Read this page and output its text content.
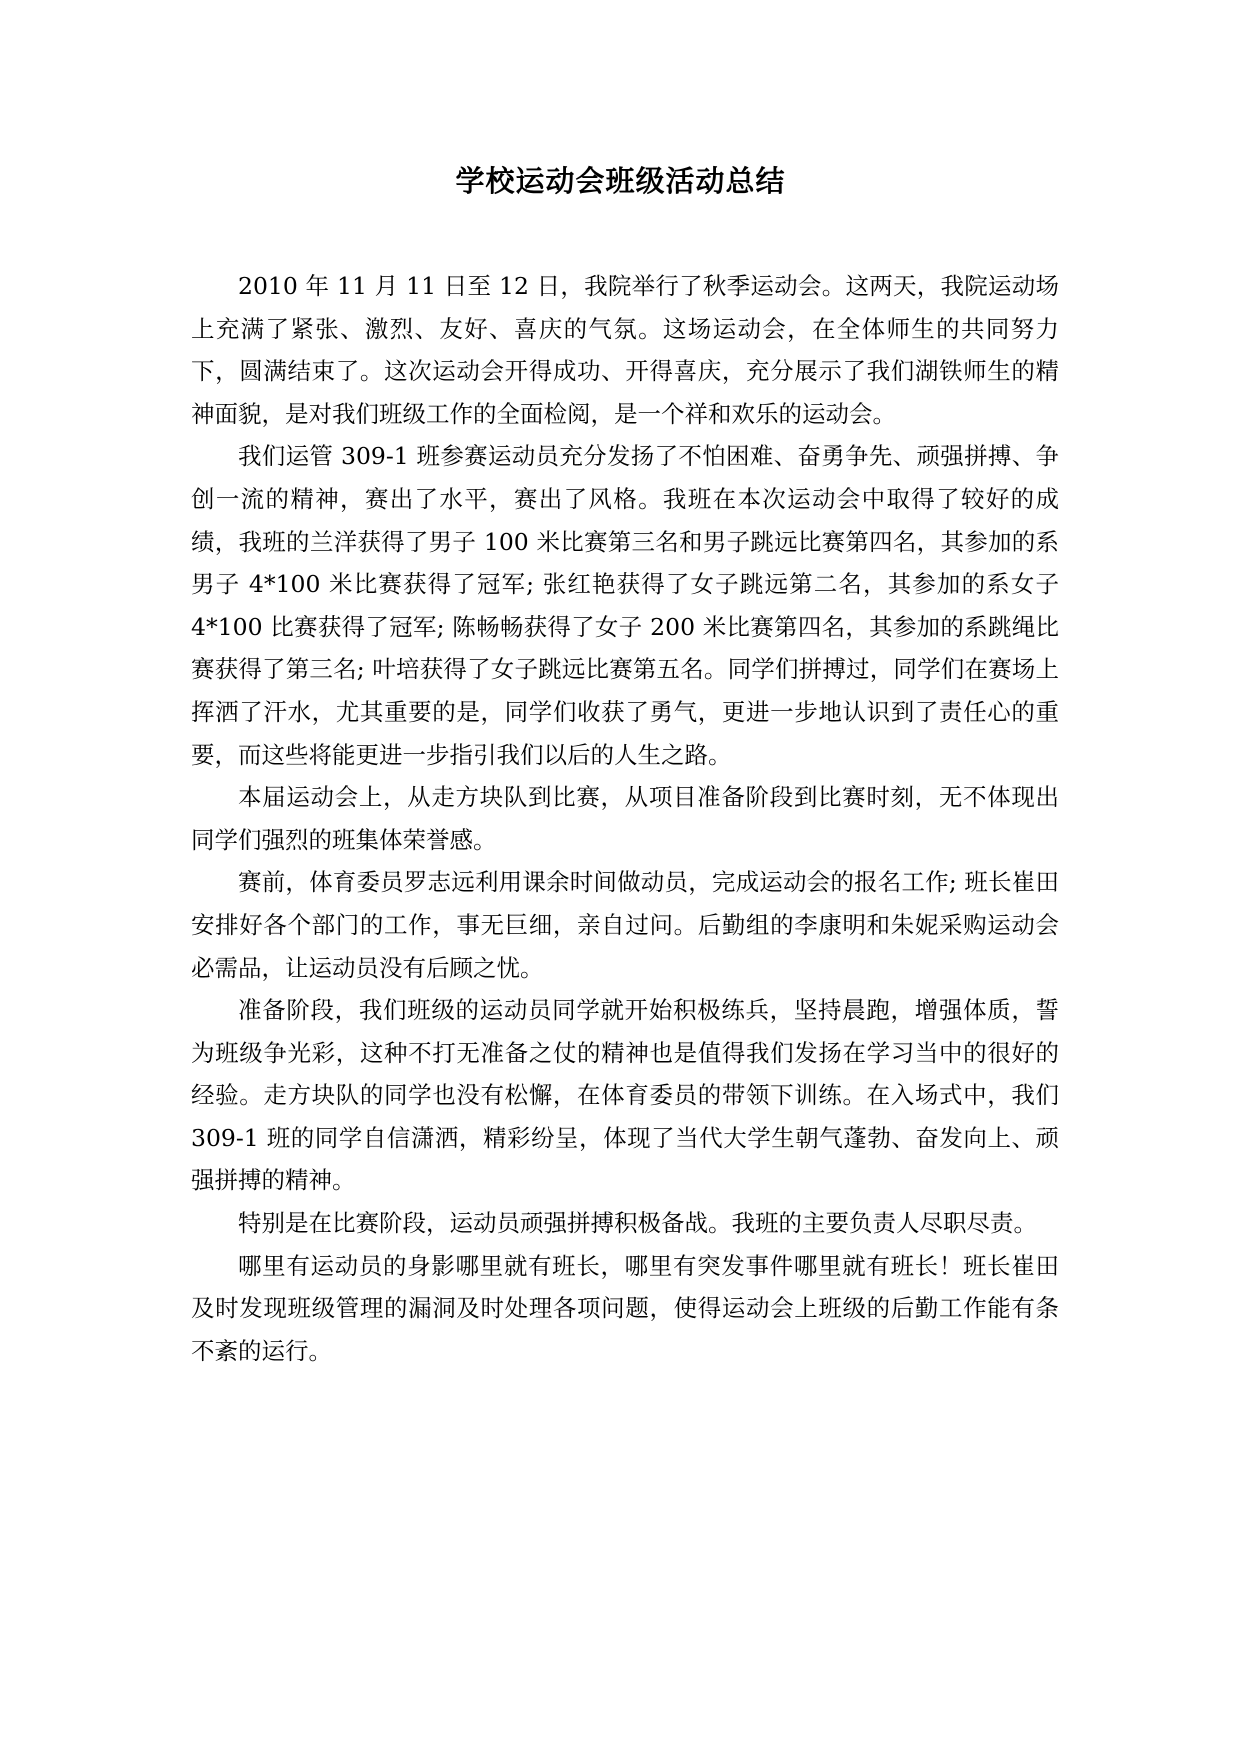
学校运动会班级活动总结

2010 年 11 月 11 日至 12 日，我院举行了秋季运动会。这两天，我院运动场上充满了紧张、激烈、友好、喜庆的气氛。这场运动会，在全体师生的共同努力下，圆满结束了。这次运动会开得成功、开得喜庆，充分展示了我们湖铁师生的精神面貌，是对我们班级工作的全面检阅，是一个祥和欢乐的运动会。

我们运管 309-1 班参赛运动员充分发扬了不怕困难、奋勇争先、顽强拼搏、争创一流的精神，赛出了水平，赛出了风格。我班在本次运动会中取得了较好的成绩，我班的兰洋获得了男子 100 米比赛第三名和男子跳远比赛第四名，其参加的系男子 4*100 米比赛获得了冠军; 张红艳获得了女子跳远第二名，其参加的系女子 4*100 比赛获得了冠军; 陈畅畅获得了女子 200 米比赛第四名，其参加的系跳绳比赛获得了第三名; 叶培获得了女子跳远比赛第五名。同学们拼搏过，同学们在赛场上挥洒了汗水，尤其重要的是，同学们收获了勇气，更进一步地认识到了责任心的重要，而这些将能更进一步指引我们以后的人生之路。

本届运动会上，从走方块队到比赛，从项目准备阶段到比赛时刻，无不体现出同学们强烈的班集体荣誉感。

赛前，体育委员罗志远利用课余时间做动员，完成运动会的报名工作; 班长崔田安排好各个部门的工作，事无巨细，亲自过问。后勤组的李康明和朱妮采购运动会必需品，让运动员没有后顾之忧。

准备阶段，我们班级的运动员同学就开始积极练兵，坚持晨跑，增强体质，誓为班级争光彩，这种不打无准备之仗的精神也是值得我们发扬在学习当中的很好的经验。走方块队的同学也没有松懈，在体育委员的带领下训练。在入场式中，我们 309-1 班的同学自信潇洒，精彩纷呈，体现了当代大学生朝气蓬勃、奋发向上、顽强拼搏的精神。

特别是在比赛阶段，运动员顽强拼搏积极备战。我班的主要负责人尽职尽责。

哪里有运动员的身影哪里就有班长，哪里有突发事件哪里就有班长！班长崔田及时发现班级管理的漏洞及时处理各项问题，使得运动会上班级的后勤工作能有条不紊的运行。
